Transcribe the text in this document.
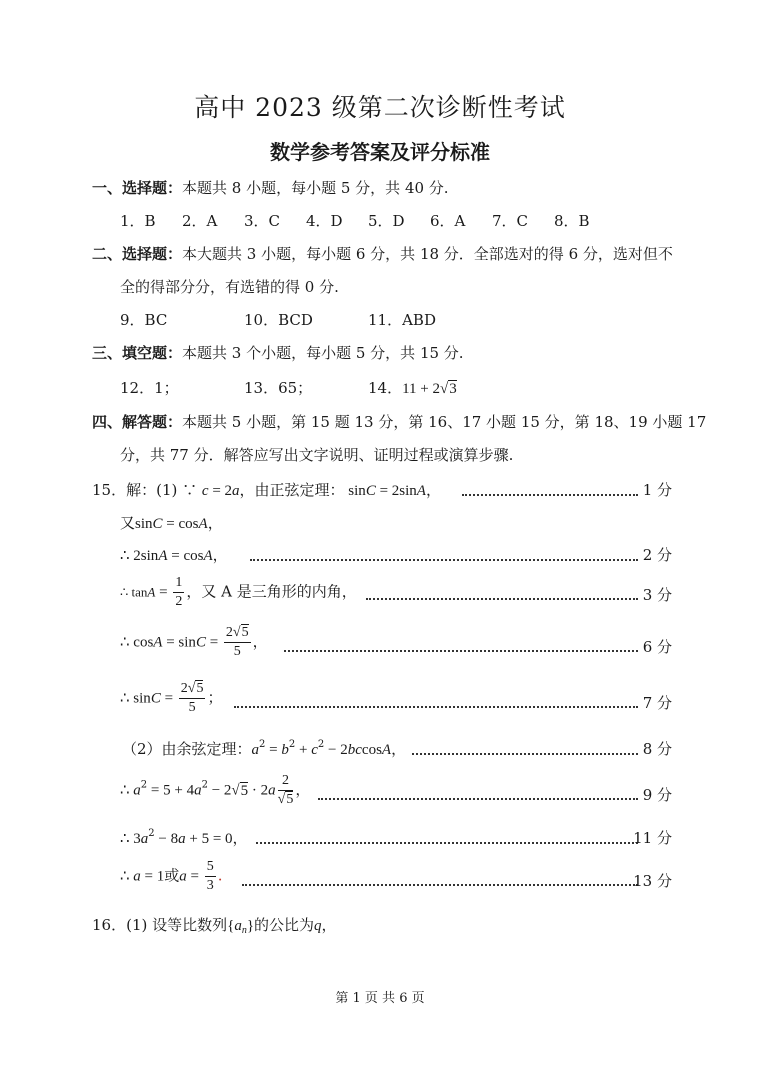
高中 2023 级第二次诊断性考试
数学参考答案及评分标准
一、选择题：本题共 8 小题，每小题 5 分，共 40 分.
1．B 2．A 3．C 4．D 5．D 6．A 7．C 8．B
二、选择题：本大题共 3 小题，每小题 6 分，共 18 分．全部选对的得 6 分，选对但不
全的得部分分，有选错的得 0 分.
9．BC	10．BCD	11．ABD
三、填空题：本题共 3 个小题，每小题 5 分，共 15 分.
12．1；	13．65；	14．11 + 2√3
四、解答题：本题共 5 小题，第 15 题 13 分，第 16、17 小题 15 分，第 18、19 小题 17
分，共 77 分．解答应写出文字说明、证明过程或演算步骤.
15．解：(1) ∵ c = 2a，由正弦定理： sinC = 2sinA，	1 分
又sinC = cosA，
∴ 2sinA = cosA，	2 分
∴ $\tan A = \frac{1}{2}$ ，又 A 是三角形的内角，	3 分
∴ $\cos A = \sin C = \frac{2√5}{5}$ ，	6 分
∴ $\sin C = \frac{2√5}{5}$ ；	7 分
（2）由余弦定理：$a^2 = b^2 + c^2 - 2bccosA$，	8 分
∴ $a^2 = 5 + 4a^2 - 2√5 \cdot 2a \frac{2}{√5}$ ，	9 分
∴ $3a^2 - 8a + 5 = 0$，	11 分
∴ a = 1或$a = \frac{5}{3}$ .	13 分
16．(1) 设等比数列$\{a_n\}$的公比为q，
第 1 页 共 6 页
